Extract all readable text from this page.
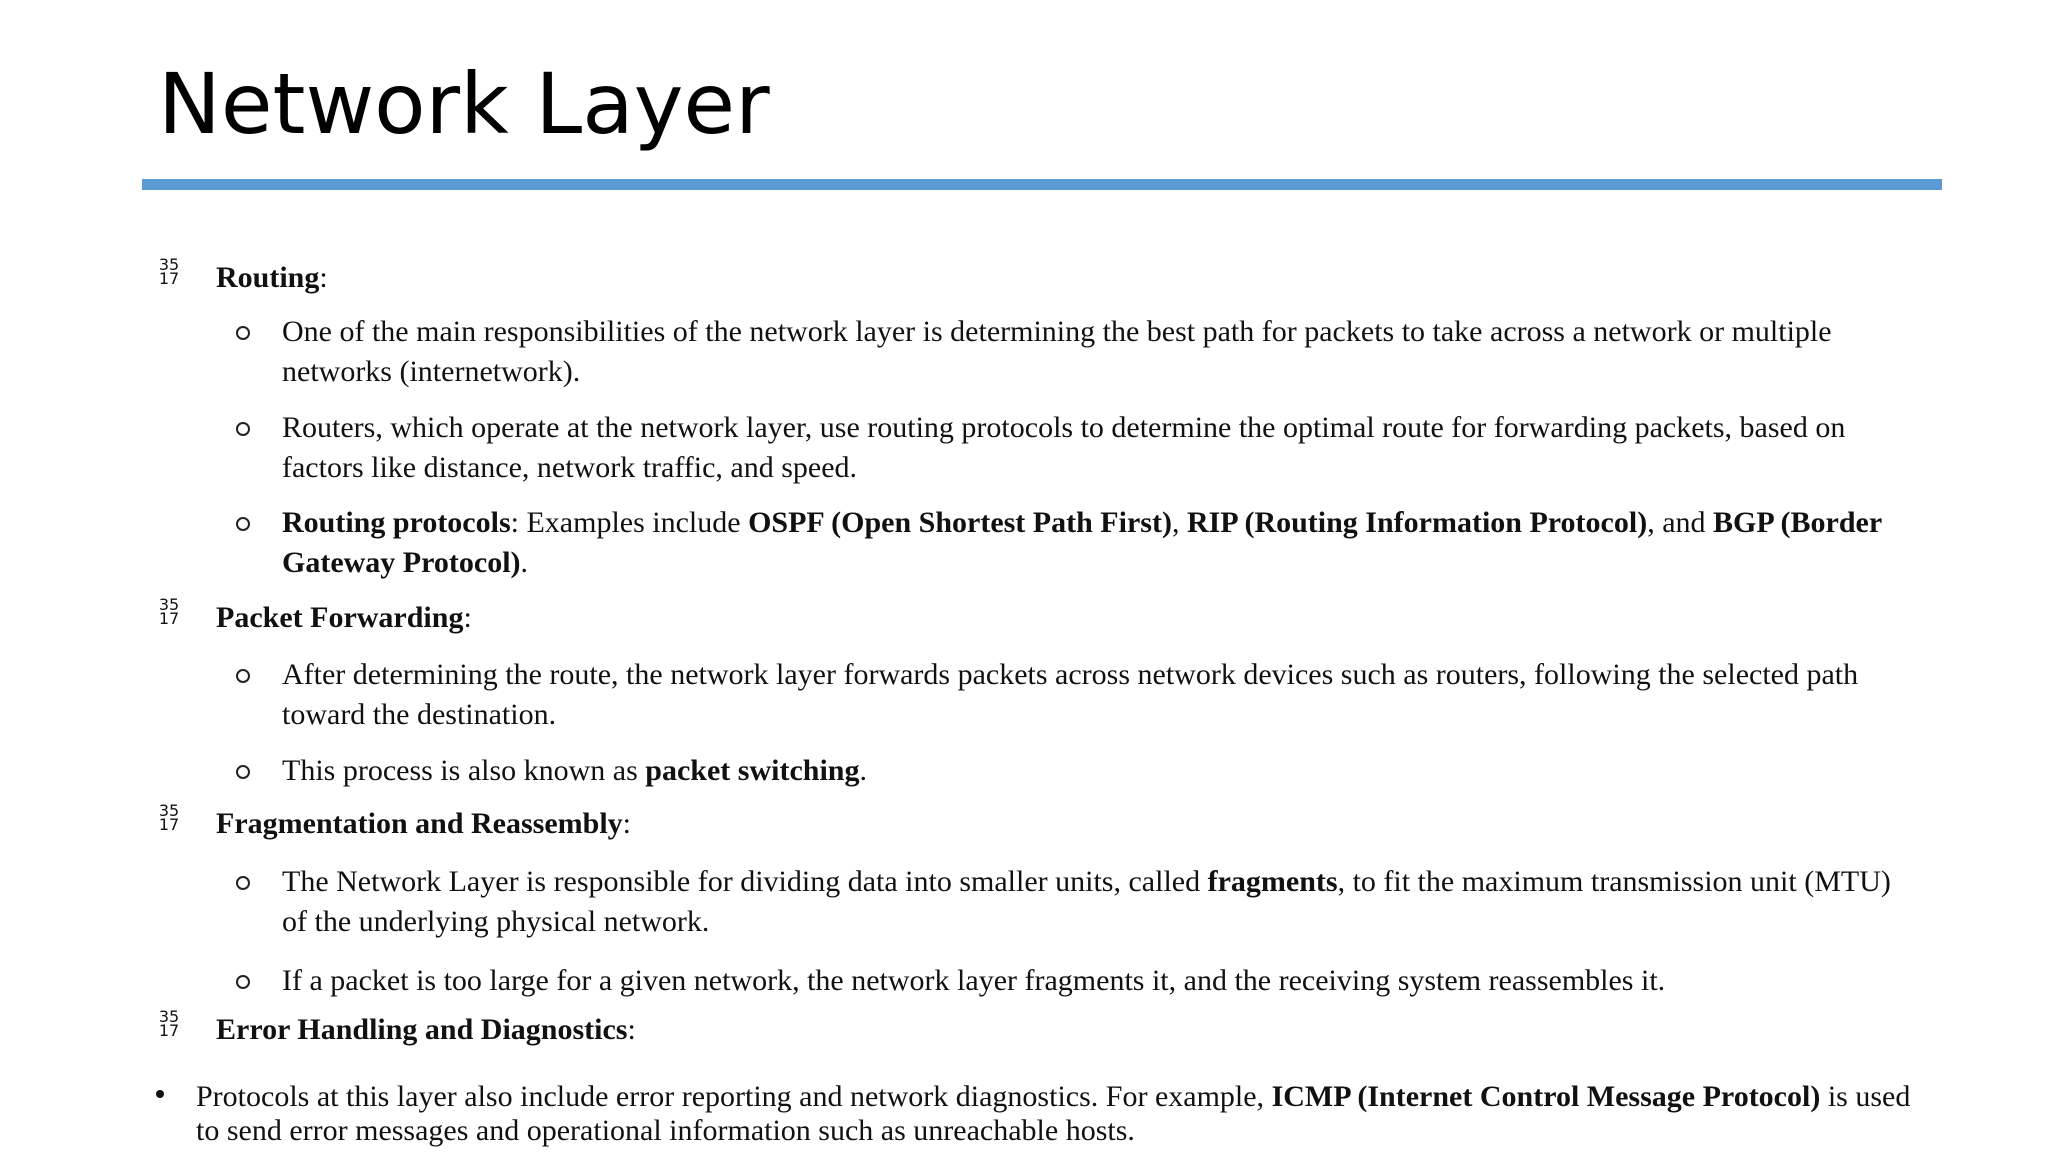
Network Layer
35
17 Routing:
One of the main responsibilities of the network layer is determining the best path for packets to take across a network or multiple networks (internetwork).
Routers, which operate at the network layer, use routing protocols to determine the optimal route for forwarding packets, based on factors like distance, network traffic, and speed.
Routing protocols: Examples include OSPF (Open Shortest Path First), RIP (Routing Information Protocol), and BGP (Border Gateway Protocol).
35
17 Packet Forwarding:
After determining the route, the network layer forwards packets across network devices such as routers, following the selected path toward the destination.
This process is also known as packet switching.
35
17 Fragmentation and Reassembly:
The Network Layer is responsible for dividing data into smaller units, called fragments, to fit the maximum transmission unit (MTU) of the underlying physical network.
If a packet is too large for a given network, the network layer fragments it, and the receiving system reassembles it.
35
17 Error Handling and Diagnostics:
Protocols at this layer also include error reporting and network diagnostics. For example, ICMP (Internet Control Message Protocol) is used to send error messages and operational information such as unreachable hosts.
